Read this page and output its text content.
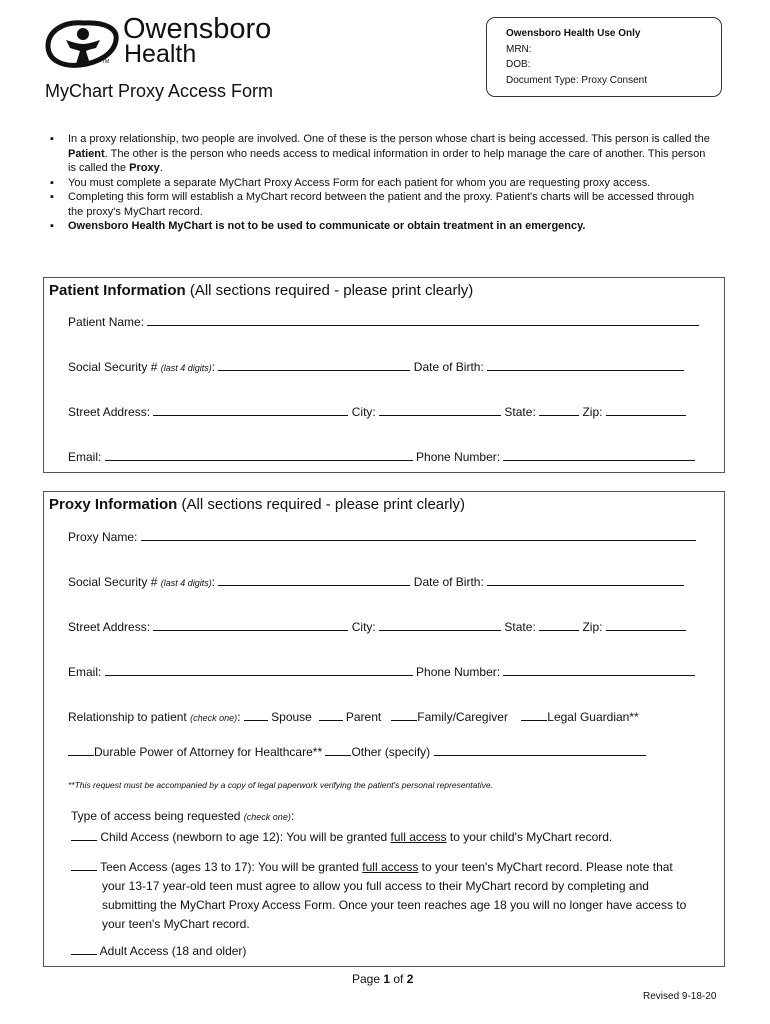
Owensboro
Health
TM
Owensboro Health Use Only
MRN:
DOB:
Document Type: Proxy Consent
MyChart Proxy Access Form
▪ In a proxy relationship, two people are involved. One of these is the person whose chart is being accessed. This person is called the Patient. The other is the person who needs access to medical information in order to help manage the care of another. This person is called the Proxy.
▪ You must complete a separate MyChart Proxy Access Form for each patient for whom you are requesting proxy access.
▪ Completing this form will establish a MyChart record between the patient and the proxy. Patient's charts will be accessed through the proxy's MyChart record.
▪ Owensboro Health MyChart is not to be used to communicate or obtain treatment in an emergency.
Patient Information (All sections required - please print clearly)
Patient Name:
Social Security # (last 4 digits):	Date of Birth:
Street Address:	City:	State:	Zip:
Email:	Phone Number:
Proxy Information (All sections required - please print clearly)
Proxy Name:
Social Security # (last 4 digits):	Date of Birth:
Street Address:	City:	State:	Zip:
Email:	Phone Number:
Relationship to patient (check one):	Spouse	Parent	Family/Caregiver	Legal Guardian**
Durable Power of Attorney for Healthcare** Other (specify)
**This request must be accompanied by a copy of legal paperwork verifying the patient's personal representative.
Type of access being requested (check one):
Child Access (newborn to age 12): You will be granted full access to your child's MyChart record.
Teen Access (ages 13 to 17): You will be granted full access to your teen's MyChart record. Please note that
your 13-17 year-old teen must agree to allow you full access to their MyChart record by completing and
submitting the MyChart Proxy Access Form. Once your teen reaches age 18 you will no longer have access to
your teen's MyChart record.
Adult Access (18 and older)
Page 1 of 2
Revised 9-18-20
